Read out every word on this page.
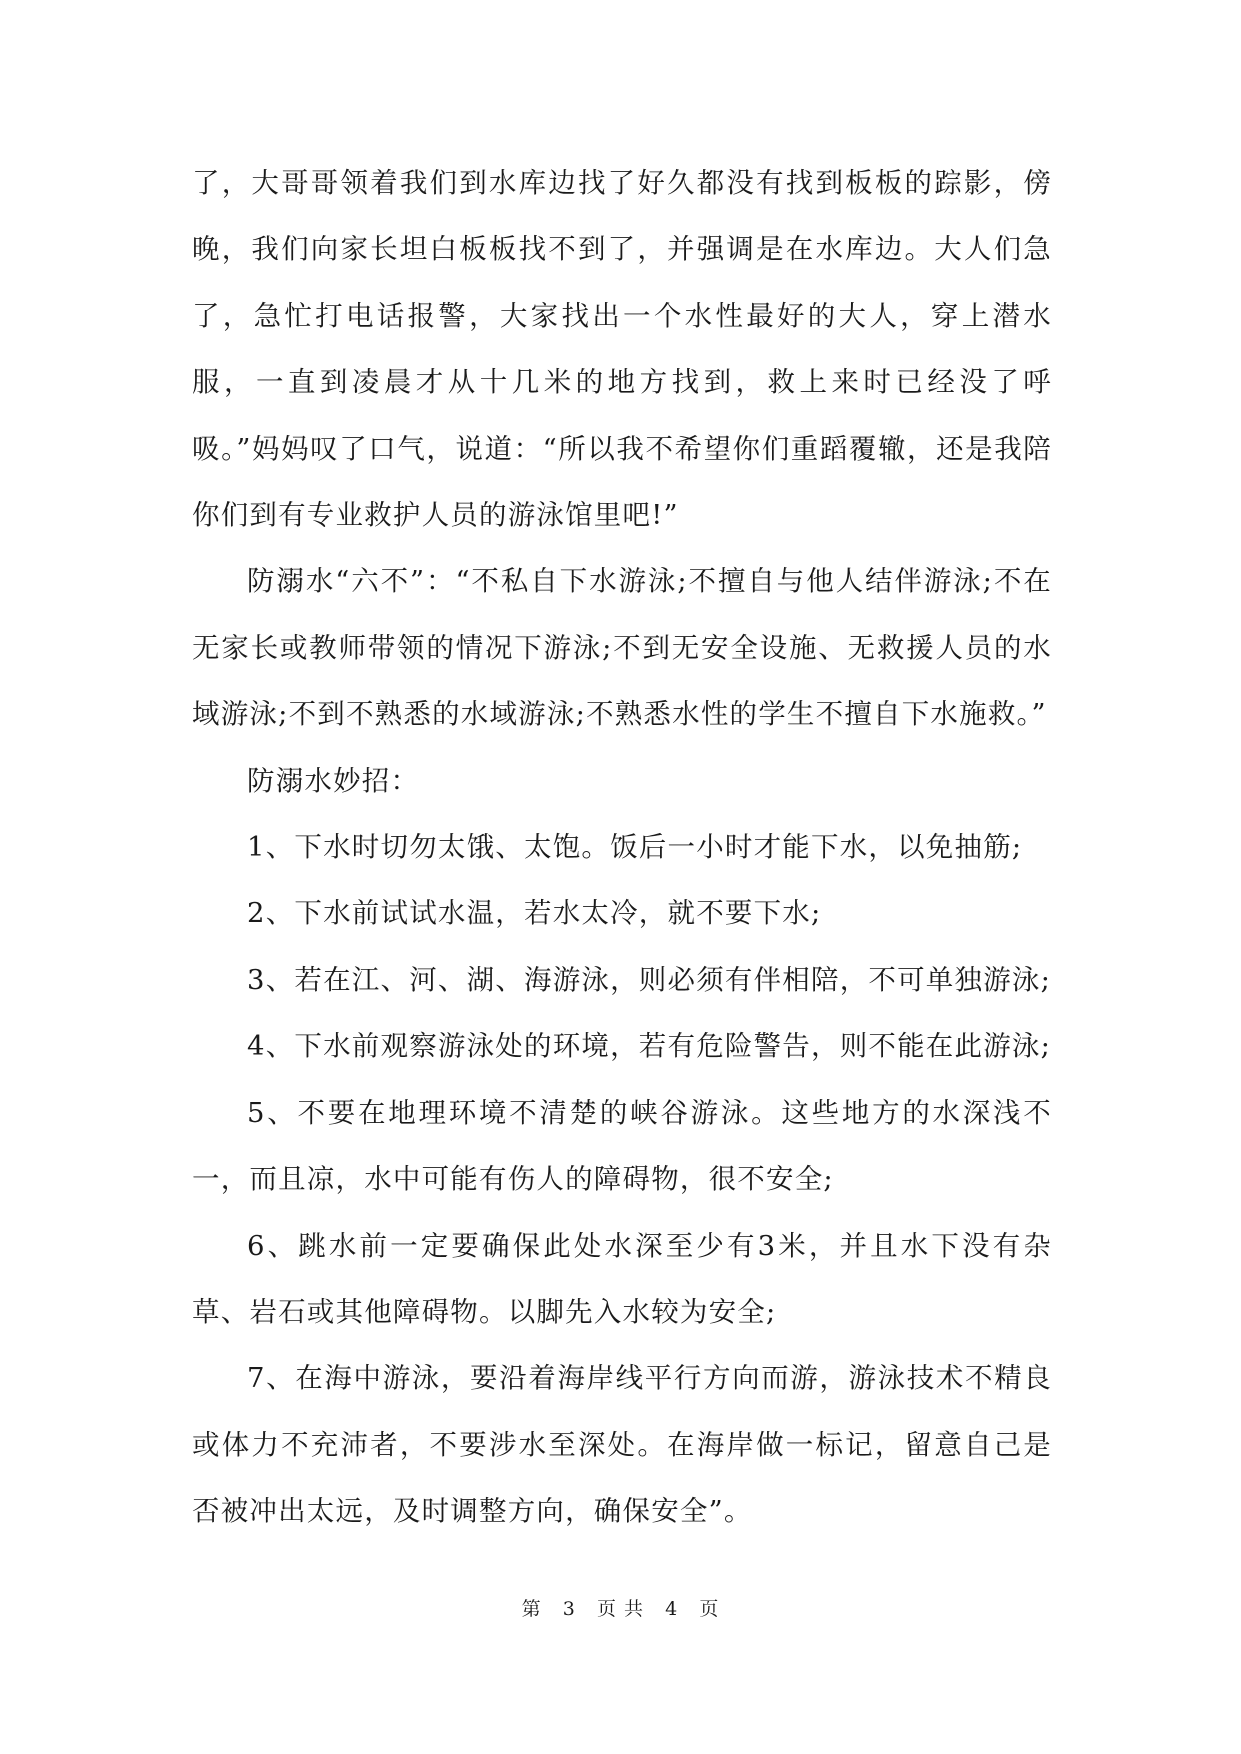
了，大哥哥领着我们到水库边找了好久都没有找到板板的踪影，傍晚，我们向家长坦白板板找不到了，并强调是在水库边。大人们急了，急忙打电话报警，大家找出一个水性最好的大人，穿上潜水服，一直到凌晨才从十几米的地方找到，救上来时已经没了呼吸。”妈妈叹了口气，说道：“所以我不希望你们重蹈覆辙，还是我陪你们到有专业救护人员的游泳馆里吧!”

防溺水“六不”：“不私自下水游泳;不擅自与他人结伴游泳;不在无家长或教师带领的情况下游泳;不到无安全设施、无救援人员的水域游泳;不到不熟悉的水域游泳;不熟悉水性的学生不擅自下水施救。”

防溺水妙招：

1、下水时切勿太饿、太饱。饭后一小时才能下水，以免抽筋;

2、下水前试试水温，若水太冷，就不要下水;

3、若在江、河、湖、海游泳，则必须有伴相陪，不可单独游泳;

4、下水前观察游泳处的环境，若有危险警告，则不能在此游泳;

5、不要在地理环境不清楚的峡谷游泳。这些地方的水深浅不一，而且凉，水中可能有伤人的障碍物，很不安全;

6、跳水前一定要确保此处水深至少有3米，并且水下没有杂草、岩石或其他障碍物。以脚先入水较为安全;

7、在海中游泳，要沿着海岸线平行方向而游，游泳技术不精良或体力不充沛者，不要涉水至深处。在海岸做一标记，留意自己是否被冲出太远，及时调整方向，确保安全”。

第 3 页 共 4 页
